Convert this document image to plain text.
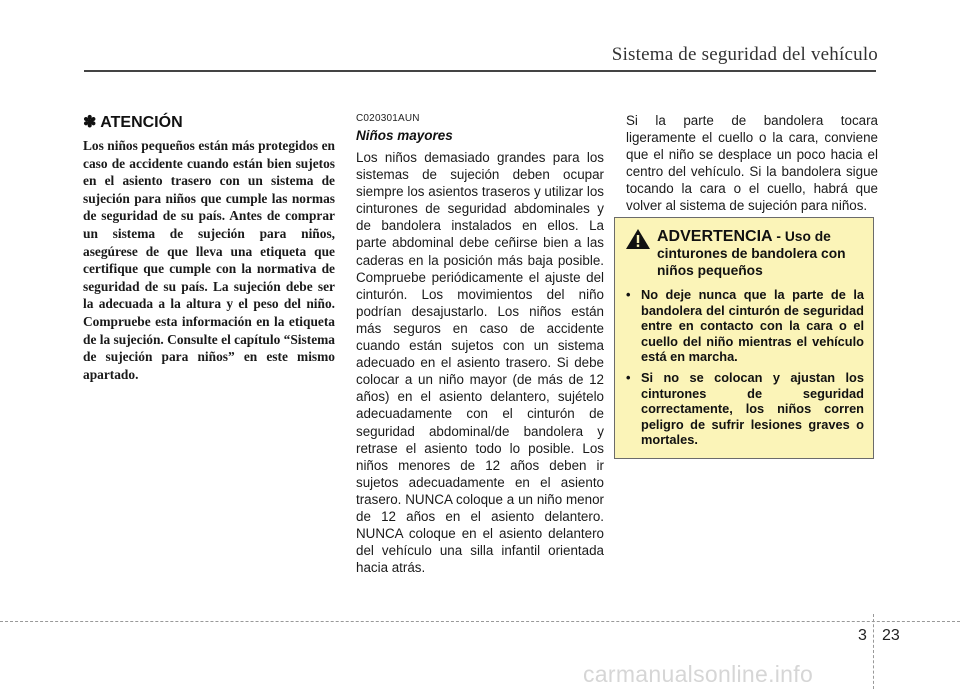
Sistema de seguridad del vehículo
✽ ATENCIÓN

Los niños pequeños están más protegidos en caso de accidente cuando están bien sujetos en el asiento trasero con un sistema de sujeción para niños que cumple las normas de seguridad de su país. Antes de comprar un sistema de sujeción para niños, asegúrese de que lleva una etiqueta que certifique que cumple con la normativa de seguridad de su país. La sujeción debe ser la adecuada a la altura y el peso del niño. Compruebe esta información en la etiqueta de la sujeción. Consulte el capítulo “Sistema de sujeción para niños” en este mismo apartado.

C020301AUN
Niños mayores

Los niños demasiado grandes para los sistemas de sujeción deben ocupar siempre los asientos traseros y utilizar los cinturones de seguridad abdominales y de bandolera instalados en ellos. La parte abdominal debe ceñirse bien a las caderas en la posición más baja posible. Compruebe periódicamente el ajuste del cinturón. Los movimientos del niño podrían desajustarlo. Los niños están más seguros en caso de accidente cuando están sujetos con un sistema adecuado en el asiento trasero. Si debe colocar a un niño mayor (de más de 12 años) en el asiento delantero, sujételo adecuadamente con el cinturón de seguridad abdominal/de bandolera y retrase el asiento todo lo posible. Los niños menores de 12 años deben ir sujetos adecuadamente en el asiento trasero. NUNCA coloque a un niño menor de 12 años en el asiento delantero. NUNCA coloque en el asiento delantero del vehículo una silla infantil orientada hacia atrás.

Si la parte de bandolera tocara ligeramente el cuello o la cara, conviene que el niño se desplace un poco hacia el centro del vehículo. Si la bandolera sigue tocando la cara o el cuello, habrá que volver al sistema de sujeción para niños.

ADVERTENCIA - Uso de cinturones de bandolera con niños pequeños
• No deje nunca que la parte de la bandolera del cinturón de seguridad entre en contacto con la cara o el cuello del niño mientras el vehículo está en marcha.
• Si no se colocan y ajustan los cinturones de seguridad correctamente, los niños corren peligro de sufrir lesiones graves o mortales.
3 23
carmanualsonline.info
